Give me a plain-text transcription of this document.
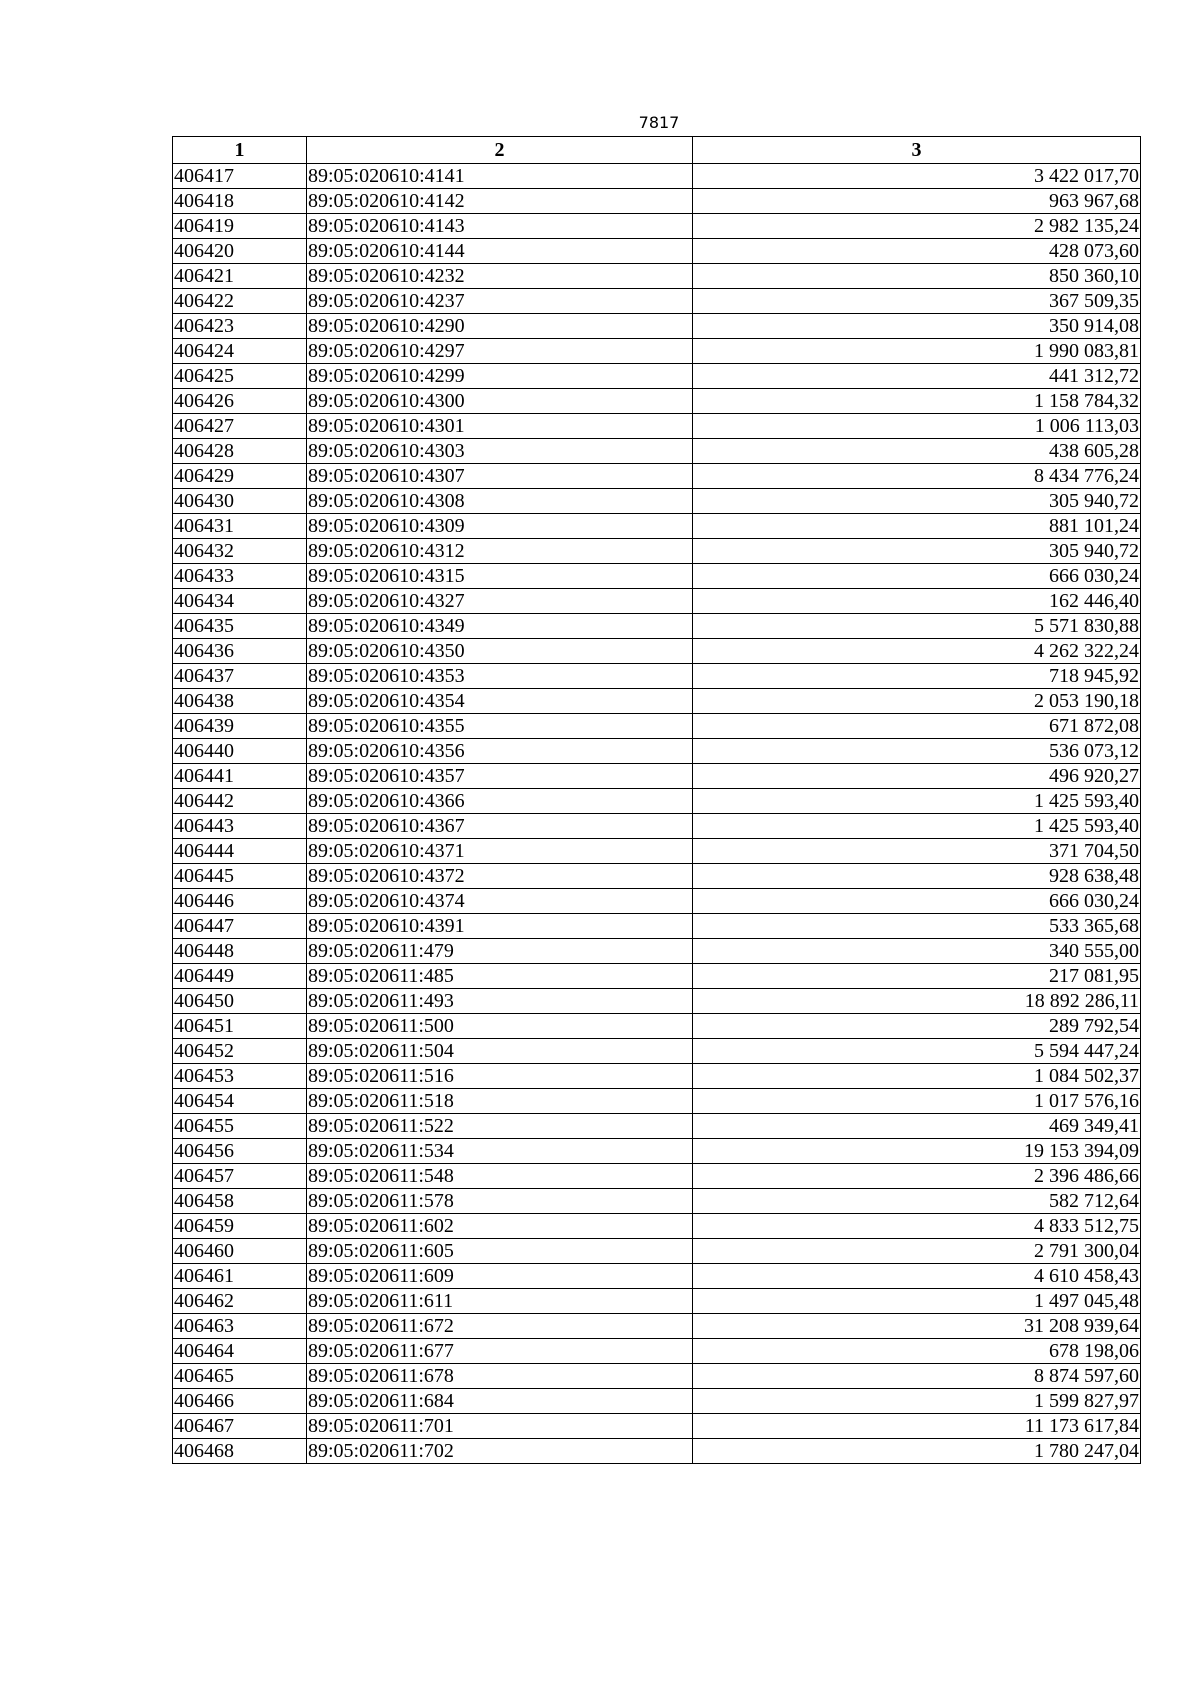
7817
1	2	3
406417	89:05:020610:4141	3 422 017,70
406418	89:05:020610:4142	963 967,68
406419	89:05:020610:4143	2 982 135,24
406420	89:05:020610:4144	428 073,60
406421	89:05:020610:4232	850 360,10
406422	89:05:020610:4237	367 509,35
406423	89:05:020610:4290	350 914,08
406424	89:05:020610:4297	1 990 083,81
406425	89:05:020610:4299	441 312,72
406426	89:05:020610:4300	1 158 784,32
406427	89:05:020610:4301	1 006 113,03
406428	89:05:020610:4303	438 605,28
406429	89:05:020610:4307	8 434 776,24
406430	89:05:020610:4308	305 940,72
406431	89:05:020610:4309	881 101,24
406432	89:05:020610:4312	305 940,72
406433	89:05:020610:4315	666 030,24
406434	89:05:020610:4327	162 446,40
406435	89:05:020610:4349	5 571 830,88
406436	89:05:020610:4350	4 262 322,24
406437	89:05:020610:4353	718 945,92
406438	89:05:020610:4354	2 053 190,18
406439	89:05:020610:4355	671 872,08
406440	89:05:020610:4356	536 073,12
406441	89:05:020610:4357	496 920,27
406442	89:05:020610:4366	1 425 593,40
406443	89:05:020610:4367	1 425 593,40
406444	89:05:020610:4371	371 704,50
406445	89:05:020610:4372	928 638,48
406446	89:05:020610:4374	666 030,24
406447	89:05:020610:4391	533 365,68
406448	89:05:020611:479	340 555,00
406449	89:05:020611:485	217 081,95
406450	89:05:020611:493	18 892 286,11
406451	89:05:020611:500	289 792,54
406452	89:05:020611:504	5 594 447,24
406453	89:05:020611:516	1 084 502,37
406454	89:05:020611:518	1 017 576,16
406455	89:05:020611:522	469 349,41
406456	89:05:020611:534	19 153 394,09
406457	89:05:020611:548	2 396 486,66
406458	89:05:020611:578	582 712,64
406459	89:05:020611:602	4 833 512,75
406460	89:05:020611:605	2 791 300,04
406461	89:05:020611:609	4 610 458,43
406462	89:05:020611:611	1 497 045,48
406463	89:05:020611:672	31 208 939,64
406464	89:05:020611:677	678 198,06
406465	89:05:020611:678	8 874 597,60
406466	89:05:020611:684	1 599 827,97
406467	89:05:020611:701	11 173 617,84
406468	89:05:020611:702	1 780 247,04
